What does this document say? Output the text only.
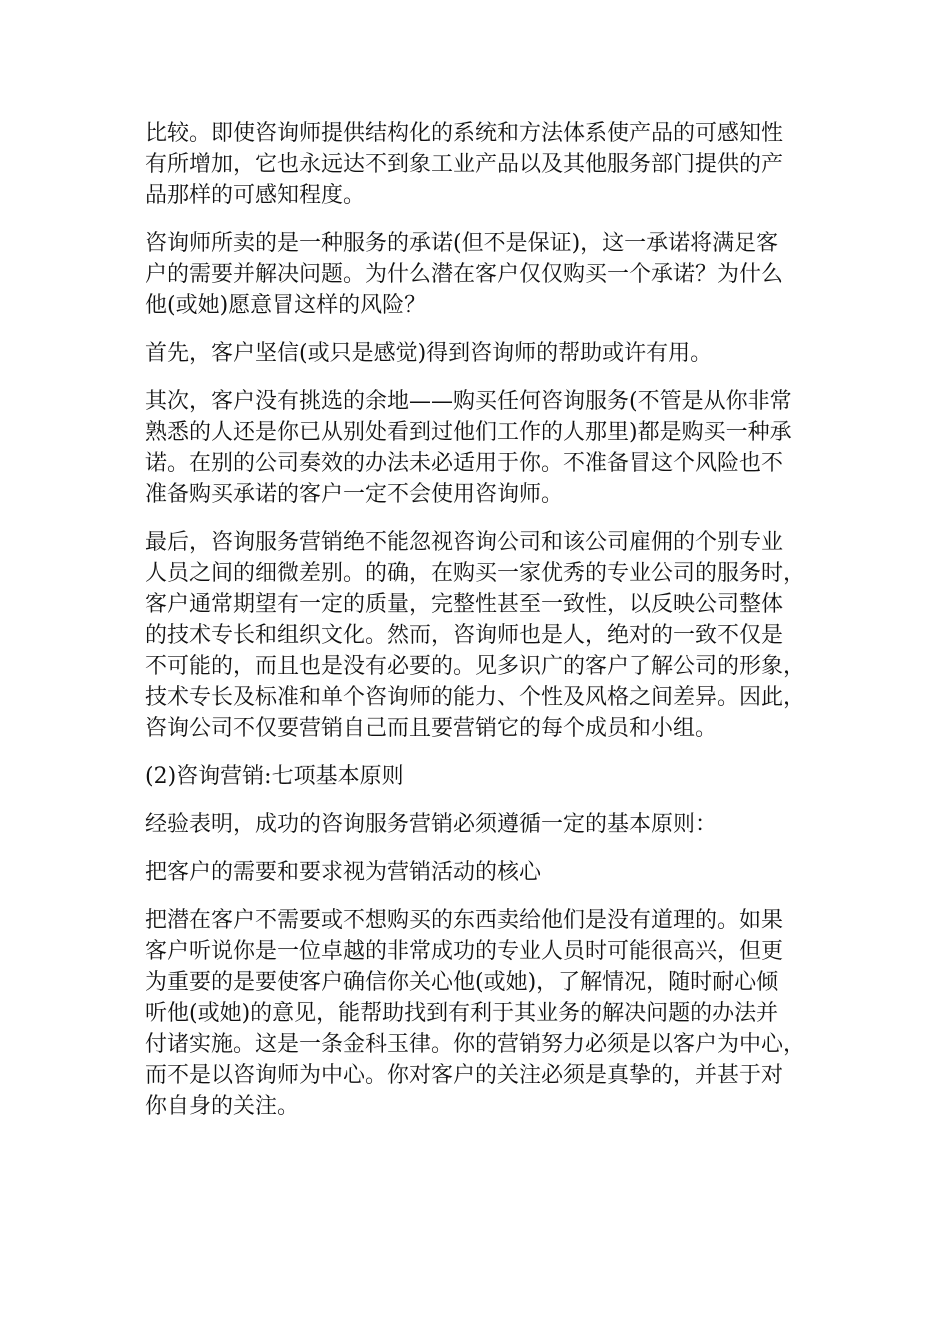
比较。即使咨询师提供结构化的系统和方法体系使产品的可感知性
有所增加，它也永远达不到象工业产品以及其他服务部门提供的产
品那样的可感知程度。

咨询师所卖的是一种服务的承诺(但不是保证)，这一承诺将满足客
户的需要并解决问题。为什么潜在客户仅仅购买一个承诺？为什么
他(或她)愿意冒这样的风险？

首先，客户坚信(或只是感觉)得到咨询师的帮助或许有用。

其次，客户没有挑选的余地——购买任何咨询服务(不管是从你非常
熟悉的人还是你已从别处看到过他们工作的人那里)都是购买一种承
诺。在别的公司奏效的办法未必适用于你。不准备冒这个风险也不
准备购买承诺的客户一定不会使用咨询师。

最后，咨询服务营销绝不能忽视咨询公司和该公司雇佣的个别专业
人员之间的细微差别。的确，在购买一家优秀的专业公司的服务时，
客户通常期望有一定的质量，完整性甚至一致性，以反映公司整体
的技术专长和组织文化。然而，咨询师也是人，绝对的一致不仅是
不可能的，而且也是没有必要的。见多识广的客户了解公司的形象，
技术专长及标准和单个咨询师的能力、个性及风格之间差异。因此，
咨询公司不仅要营销自己而且要营销它的每个成员和小组。

(2)咨询营销:七项基本原则

经验表明，成功的咨询服务营销必须遵循一定的基本原则：

把客户的需要和要求视为营销活动的核心

把潜在客户不需要或不想购买的东西卖给他们是没有道理的。如果
客户听说你是一位卓越的非常成功的专业人员时可能很高兴，但更
为重要的是要使客户确信你关心他(或她)，了解情况，随时耐心倾
听他(或她)的意见，能帮助找到有利于其业务的解决问题的办法并
付诸实施。这是一条金科玉律。你的营销努力必须是以客户为中心，
而不是以咨询师为中心。你对客户的关注必须是真挚的，并甚于对
你自身的关注。
